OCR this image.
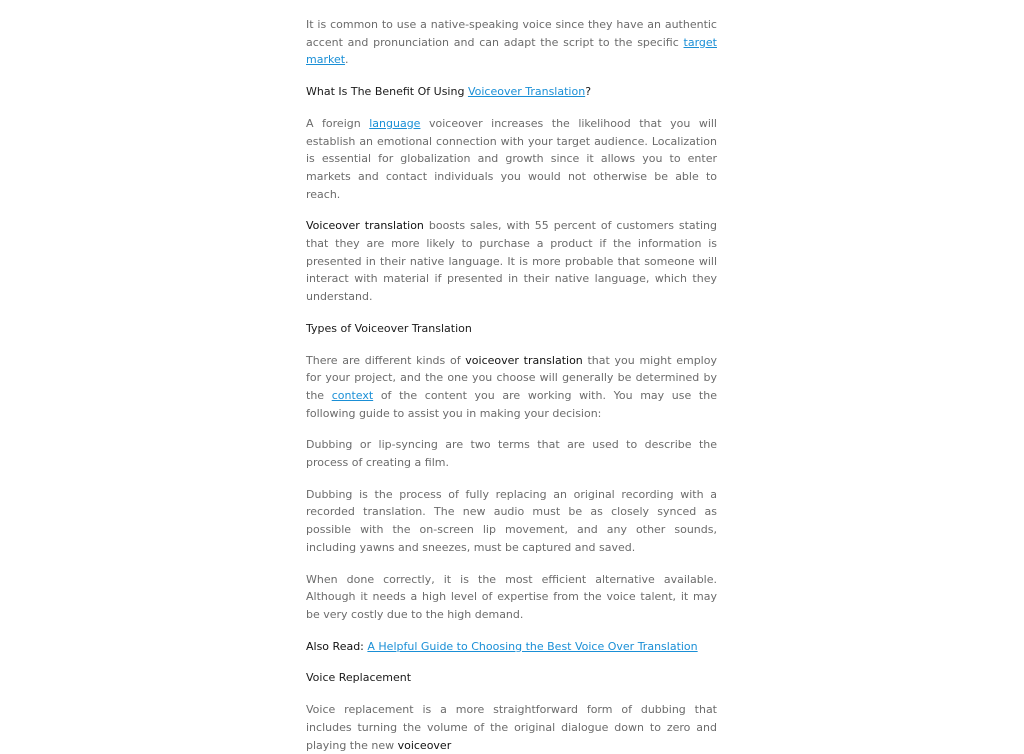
It is common to use a native-speaking voice since they have an authentic accent and pronunciation and can adapt the script to the specific target market.

What Is The Benefit Of Using Voiceover Translation?

A foreign language voiceover increases the likelihood that you will establish an emotional connection with your target audience. Localization is essential for globalization and growth since it allows you to enter markets and contact individuals you would not otherwise be able to reach.

Voiceover translation boosts sales, with 55 percent of customers stating that they are more likely to purchase a product if the information is presented in their native language. It is more probable that someone will interact with material if presented in their native language, which they understand.

Types of Voiceover Translation

There are different kinds of voiceover translation that you might employ for your project, and the one you choose will generally be determined by the context of the content you are working with. You may use the following guide to assist you in making your decision:

Dubbing or lip-syncing are two terms that are used to describe the process of creating a film.

Dubbing is the process of fully replacing an original recording with a recorded translation. The new audio must be as closely synced as possible with the on-screen lip movement, and any other sounds, including yawns and sneezes, must be captured and saved.

When done correctly, it is the most efficient alternative available. Although it needs a high level of expertise from the voice talent, it may be very costly due to the high demand.

Also Read: A Helpful Guide to Choosing the Best Voice Over Translation

Voice Replacement

Voice replacement is a more straightforward form of dubbing that includes turning the volume of the original dialogue down to zero and playing the new voiceover
